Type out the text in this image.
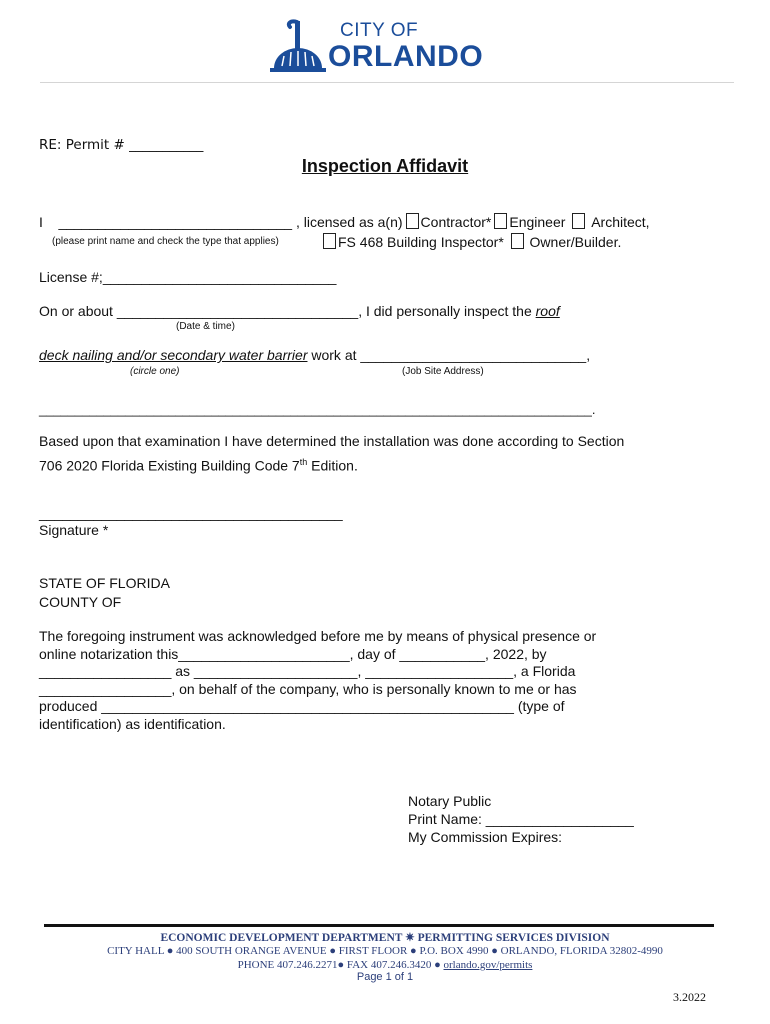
CITY OF
ORLANDO
RE: Permit # ___________
Inspection Affidavit
I ______________________________ , licensed as a(n) Contractor* Engineer Architect,
(please print name and check the type that applies)	FS 468 Building Inspector* Owner/Builder.
License #;______________________________
On or about _______________________________, I did personally inspect the roof
(Date & time)
deck nailing and/or secondary water barrier work at _____________________________,
(circle one)	(Job Site Address)
_____________________________________________________________________________.
Based upon that examination I have determined the installation was done according to Section
706 2020 Florida Existing Building Code 7th Edition.
_______________________________________
Signature *
STATE OF FLORIDA
COUNTY OF
The foregoing instrument was acknowledged before me by means of physical presence or
online notarization this______________________, day of ___________, 2022, by
_________________ as _____________________, ___________________, a Florida
_________________, on behalf of the company, who is personally known to me or has
produced _____________________________________________________ (type of
identification) as identification.
Notary Public
Print Name: ___________________
My Commission Expires:
ECONOMIC DEVELOPMENT DEPARTMENT ✷ PERMITTING SERVICES DIVISION
CITY HALL ● 400 SOUTH ORANGE AVENUE ● FIRST FLOOR ● P.O. BOX 4990 ● ORLANDO, FLORIDA 32802-4990
PHONE 407.246.2271● FAX 407.246.3420 ● orlando.gov/permits
Page 1 of 1
3.2022
